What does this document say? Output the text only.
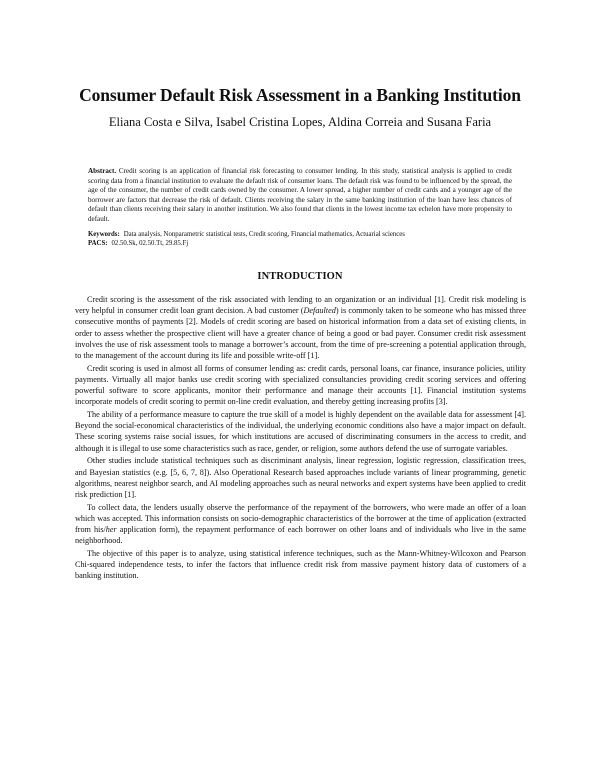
Consumer Default Risk Assessment in a Banking Institution
Eliana Costa e Silva, Isabel Cristina Lopes, Aldina Correia and Susana Faria
Abstract. Credit scoring is an application of financial risk forecasting to consumer lending. In this study, statistical analysis is applied to credit scoring data from a financial institution to evaluate the default risk of consumer loans. The default risk was found to be influenced by the spread, the age of the consumer, the number of credit cards owned by the consumer. A lower spread, a higher number of credit cards and a younger age of the borrower are factors that decrease the risk of default. Clients receiving the salary in the same banking institution of the loan have less chances of default than clients receiving their salary in another institution. We also found that clients in the lowest income tax echelon have more propensity to default.
Keywords: Data analysis, Nonparametric statistical tests, Credit scoring, Financial mathematics, Actuarial sciences
PACS: 02.50.Sk, 02.50.Tt, 29.85.Fj
INTRODUCTION

Credit scoring is the assessment of the risk associated with lending to an organization or an individual [1]. Credit risk modeling is very helpful in consumer credit loan grant decision. A bad customer (Defaulted) is commonly taken to be someone who has missed three consecutive months of payments [2]. Models of credit scoring are based on historical information from a data set of existing clients, in order to assess whether the prospective client will have a greater chance of being a good or bad payer. Consumer credit risk assessment involves the use of risk assessment tools to manage a borrower’s account, from the time of pre-screening a potential application through, to the management of the account during its life and possible write-off [1].

Credit scoring is used in almost all forms of consumer lending as: credit cards, personal loans, car finance, insurance policies, utility payments. Virtually all major banks use credit scoring with specialized consultancies providing credit scoring services and offering powerful software to score applicants, monitor their performance and manage their accounts [1]. Financial institution systems incorporate models of credit scoring to permit on-line credit evaluation, and thereby getting increasing profits [3].

The ability of a performance measure to capture the true skill of a model is highly dependent on the available data for assessment [4]. Beyond the social-economical characteristics of the individual, the underlying economic conditions also have a major impact on default. These scoring systems raise social issues, for which institutions are accused of discriminating consumers in the access to credit, and although it is illegal to use some characteristics such as race, gender, or religion, some authors defend the use of surrogate variables.

Other studies include statistical techniques such as discriminant analysis, linear regression, logistic regression, classification trees, and Bayesian statistics (e.g. [5, 6, 7, 8]). Also Operational Research based approaches include variants of linear programming, genetic algorithms, nearest neighbor search, and AI modeling approaches such as neural networks and expert systems have been applied to credit risk prediction [1].

To collect data, the lenders usually observe the performance of the repayment of the borrowers, who were made an offer of a loan which was accepted. This information consists on socio-demographic characteristics of the borrower at the time of application (extracted from his/her application form), the repayment performance of each borrower on other loans and of individuals who live in the same neighborhood.

The objective of this paper is to analyze, using statistical inference techniques, such as the Mann-Whitney-Wilcoxon and Pearson Chi-squared independence tests, to infer the factors that influence credit risk from massive payment history data of customers of a banking institution.
